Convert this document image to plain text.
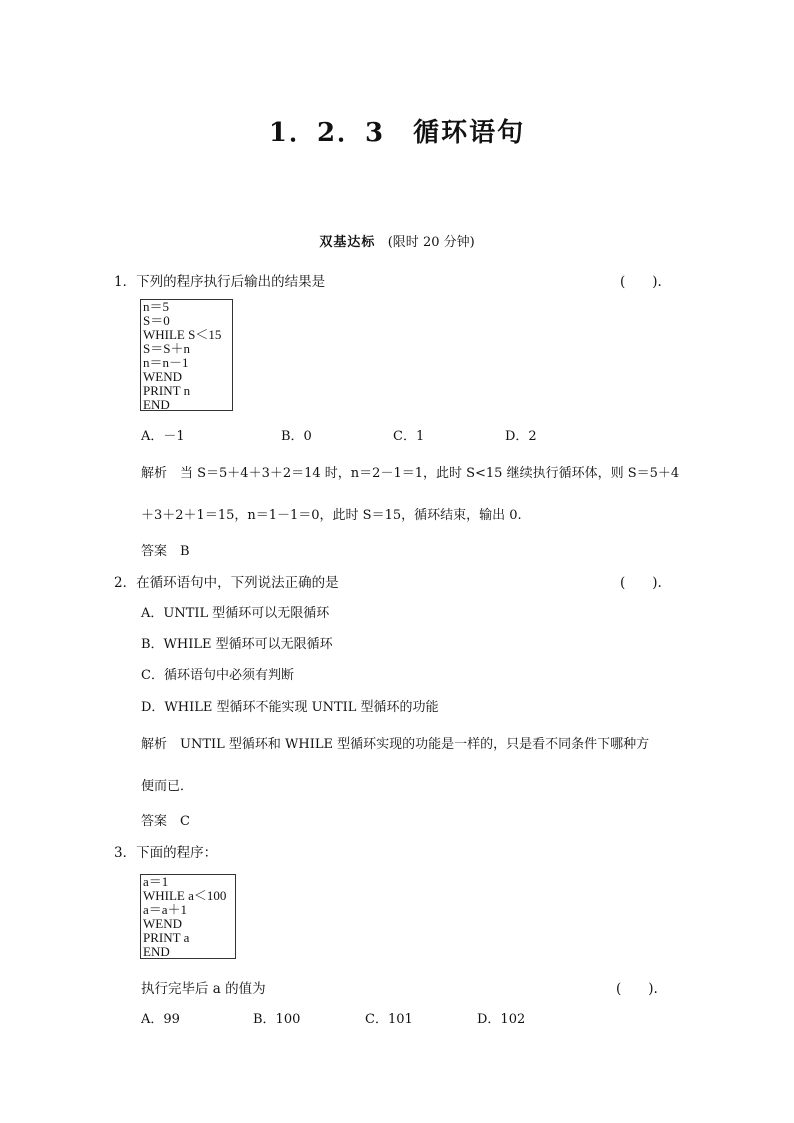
1．2．3　循环语句
双基达标 (限时 20 分钟)
1．下列的程序执行后输出的结果是	(　　).
n＝5
S＝0
WHILE S＜15
S＝S＋n
n＝n－1
WEND
PRINT n
END
A．－1	B．0	C．1	D．2
解析　当 S＝5＋4＋3＋2＝14 时，n＝2－1＝1，此时 S<15 继续执行循环体，则 S＝5＋4
＋3＋2＋1＝15，n＝1－1＝0，此时 S＝15，循环结束，输出 0.
答案　B
2．在循环语句中，下列说法正确的是	(　　).
A．UNTIL 型循环可以无限循环
B．WHILE 型循环可以无限循环
C．循环语句中必须有判断
D．WHILE 型循环不能实现 UNTIL 型循环的功能
解析　UNTIL 型循环和 WHILE 型循环实现的功能是一样的，只是看不同条件下哪种方
便而已．
答案　C
3．下面的程序：
a＝1
WHILE a＜100
a＝a＋1
WEND
PRINT a
END
执行完毕后 a 的值为	(　　).
A．99	B．100	C．101	D．102
